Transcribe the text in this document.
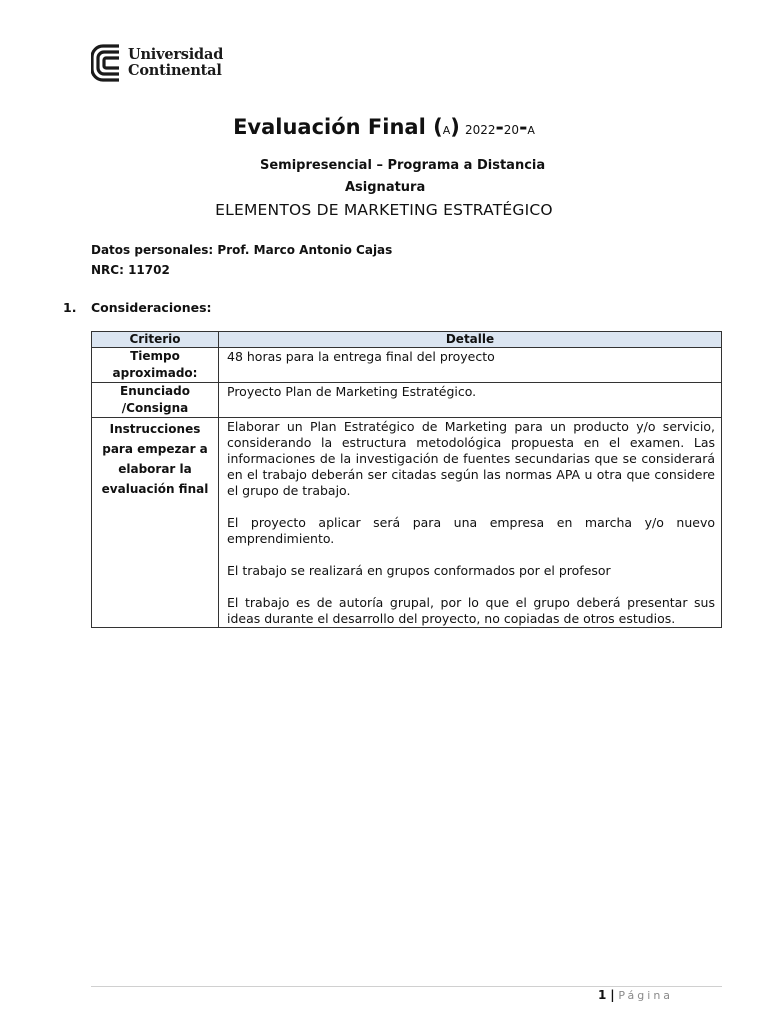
Universidad
Continental
Evaluación Final (A) 2022-20-A
Semipresencial – Programa a Distancia
Asignatura
ELEMENTOS DE MARKETING ESTRATÉGICO
Datos personales: Prof. Marco Antonio Cajas
NRC: 11702
1. Consideraciones:
Criterio	Detalle
Tiempo aproximado:	48 horas para la entrega final del proyecto

Enunciado /Consigna	Proyecto Plan de Marketing Estratégico.

Instrucciones para empezar a elaborar la evaluación final	Elaborar un Plan Estratégico de Marketing para un producto y/o servicio, considerando la estructura metodológica propuesta en el examen. Las informaciones de la investigación de fuentes secundarias que se considerará en el trabajo deberán ser citadas según las normas APA u otra que considere el grupo de trabajo.

El proyecto aplicar será para una empresa en marcha y/o nuevo emprendimiento.

El trabajo se realizará en grupos conformados por el profesor

El trabajo es de autoría grupal, por lo que el grupo deberá presentar sus ideas durante el desarrollo del proyecto, no copiadas de otros estudios.

1 | Página
